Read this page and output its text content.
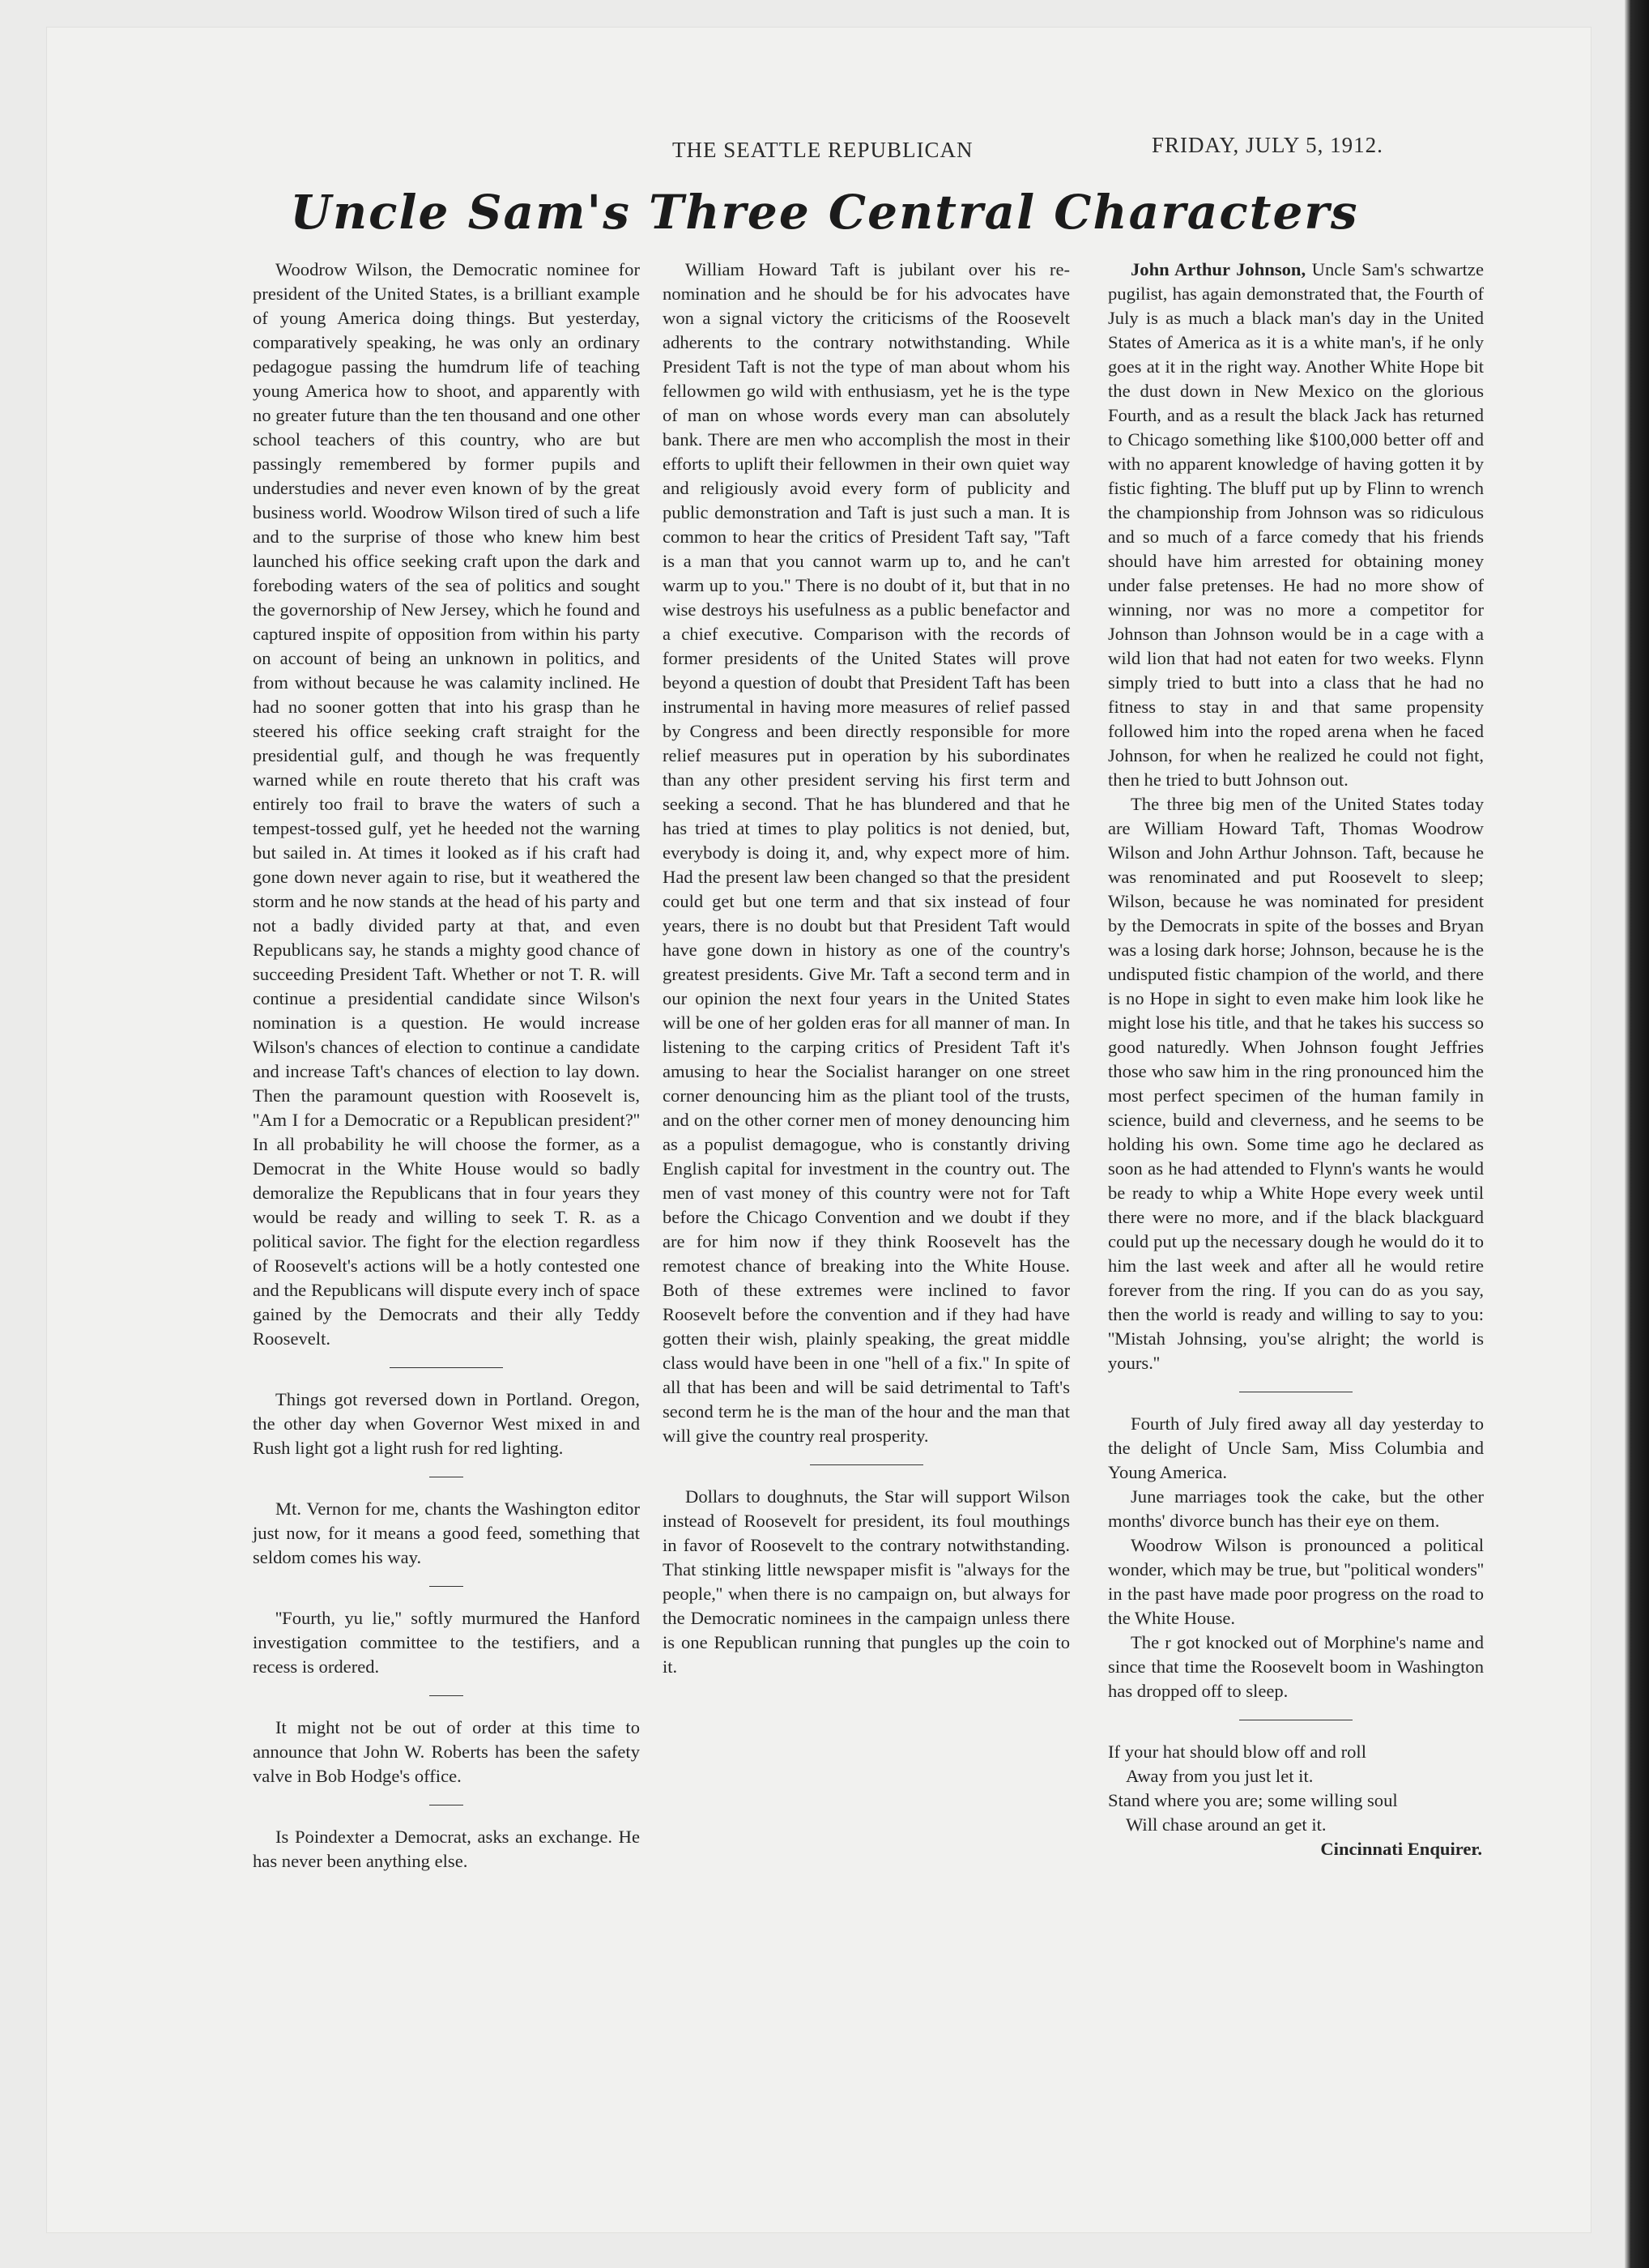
THE SEATTLE REPUBLICAN	FRIDAY, JULY 5, 1912.
Uncle Sam's Three Central Characters

Woodrow Wilson, the Democratic nominee for president of the United States, is a brilliant example of young America doing things. But yesterday, comparatively speaking, he was only an ordinary pedagogue passing the humdrum life of teaching young America how to shoot, and apparently with no greater future than the ten thousand and one other school teachers of this country, who are but passingly remembered by former pupils and understudies and never even known of by the great business world. Woodrow Wilson tired of such a life and to the surprise of those who knew him best launched his office seeking craft upon the dark and foreboding waters of the sea of politics and sought the governorship of New Jersey, which he found and captured inspite of opposition from within his party on account of being an unknown in politics, and from without because he was calamity inclined. He had no sooner gotten that into his grasp than he steered his office seeking craft straight for the presidential gulf, and though he was frequently warned while en route thereto that his craft was entirely too frail to brave the waters of such a tempest-tossed gulf, yet he heeded not the warning but sailed in. At times it looked as if his craft had gone down never again to rise, but it weathered the storm and he now stands at the head of his party and not a badly divided party at that, and even Republicans say, he stands a mighty good chance of succeeding President Taft. Whether or not T. R. will continue a presidential candidate since Wilson's nomination is a question. He would increase Wilson's chances of election to continue a candidate and increase Taft's chances of election to lay down. Then the paramount question with Roosevelt is, ''Am I for a Democratic or a Republican president?'' In all probability he will choose the former, as a Democrat in the White House would so badly demoralize the Republicans that in four years they would be ready and willing to seek T. R. as a political savior. The fight for the election regardless of Roosevelt's actions will be a hotly contested one and the Republicans will dispute every inch of space gained by the Democrats and their ally Teddy Roosevelt.

Things got reversed down in Portland. Oregon, the other day when Governor West mixed in and Rush light got a light rush for red lighting.

Mt. Vernon for me, chants the Washington editor just now, for it means a good feed, something that seldom comes his way.

''Fourth, yu lie,'' softly murmured the Hanford investigation committee to the testifiers, and a recess is ordered.

It might not be out of order at this time to announce that John W. Roberts has been the safety valve in Bob Hodge's office.

Is Poindexter a Democrat, asks an exchange. He has never been anything else.

William Howard Taft is jubilant over his re-nomination and he should be for his advocates have won a signal victory the criticisms of the Roosevelt adherents to the contrary notwithstanding. While President Taft is not the type of man about whom his fellowmen go wild with enthusiasm, yet he is the type of man on whose words every man can absolutely bank. There are men who accomplish the most in their efforts to uplift their fellowmen in their own quiet way and religiously avoid every form of publicity and public demonstration and Taft is just such a man. It is common to hear the critics of President Taft say, ''Taft is a man that you cannot warm up to, and he can't warm up to you.'' There is no doubt of it, but that in no wise destroys his usefulness as a public benefactor and a chief executive. Comparison with the records of former presidents of the United States will prove beyond a question of doubt that President Taft has been instrumental in having more measures of relief passed by Congress and been directly responsible for more relief measures put in operation by his subordinates than any other president serving his first term and seeking a second. That he has blundered and that he has tried at times to play politics is not denied, but, everybody is doing it, and, why expect more of him. Had the present law been changed so that the president could get but one term and that six instead of four years, there is no doubt but that President Taft would have gone down in history as one of the country's greatest presidents. Give Mr. Taft a second term and in our opinion the next four years in the United States will be one of her golden eras for all manner of man. In listening to the carping critics of President Taft it's amusing to hear the Socialist haranger on one street corner denouncing him as the pliant tool of the trusts, and on the other corner men of money denouncing him as a populist demagogue, who is constantly driving English capital for investment in the country out. The men of vast money of this country were not for Taft before the Chicago Convention and we doubt if they are for him now if they think Roosevelt has the remotest chance of breaking into the White House. Both of these extremes were inclined to favor Roosevelt before the convention and if they had have gotten their wish, plainly speaking, the great middle class would have been in one ''hell of a fix.'' In spite of all that has been and will be said detrimental to Taft's second term he is the man of the hour and the man that will give the country real prosperity.

Dollars to doughnuts, the Star will support Wilson instead of Roosevelt for president, its foul mouthings in favor of Roosevelt to the contrary notwithstanding. That stinking little newspaper misfit is ''always for the people,'' when there is no campaign on, but always for the Democratic nominees in the campaign unless there is one Republican running that pungles up the coin to it.

John Arthur Johnson, Uncle Sam's schwartze pugilist, has again demonstrated that, the Fourth of July is as much a black man's day in the United States of America as it is a white man's, if he only goes at it in the right way. Another White Hope bit the dust down in New Mexico on the glorious Fourth, and as a result the black Jack has returned to Chicago something like $100,000 better off and with no apparent knowledge of having gotten it by fistic fighting. The bluff put up by Flinn to wrench the championship from Johnson was so ridiculous and so much of a farce comedy that his friends should have him arrested for obtaining money under false pretenses. He had no more show of winning, nor was no more a competitor for Johnson than Johnson would be in a cage with a wild lion that had not eaten for two weeks. Flynn simply tried to butt into a class that he had no fitness to stay in and that same propensity followed him into the roped arena when he faced Johnson, for when he realized he could not fight, then he tried to butt Johnson out.

The three big men of the United States today are William Howard Taft, Thomas Woodrow Wilson and John Arthur Johnson. Taft, because he was renominated and put Roosevelt to sleep; Wilson, because he was nominated for president by the Democrats in spite of the bosses and Bryan was a losing dark horse; Johnson, because he is the undisputed fistic champion of the world, and there is no Hope in sight to even make him look like he might lose his title, and that he takes his success so good naturedly. When Johnson fought Jeffries those who saw him in the ring pronounced him the most perfect specimen of the human family in science, build and cleverness, and he seems to be holding his own. Some time ago he declared as soon as he had attended to Flynn's wants he would be ready to whip a White Hope every week until there were no more, and if the black blackguard could put up the necessary dough he would do it to him the last week and after all he would retire forever from the ring. If you can do as you say, then the world is ready and willing to say to you: ''Mistah Johnsing, you'se alright; the world is yours.''

Fourth of July fired away all day yesterday to the delight of Uncle Sam, Miss Columbia and Young America.

June marriages took the cake, but the other months' divorce bunch has their eye on them.

Woodrow Wilson is pronounced a political wonder, which may be true, but ''political wonders'' in the past have made poor progress on the road to the White House.

The r got knocked out of Morphine's name and since that time the Roosevelt boom in Washington has dropped off to sleep.

If your hat should blow off and roll
Away from you just let it.
Stand where you are; some willing soul
Will chase around an get it.
Cincinnati Enquirer.
